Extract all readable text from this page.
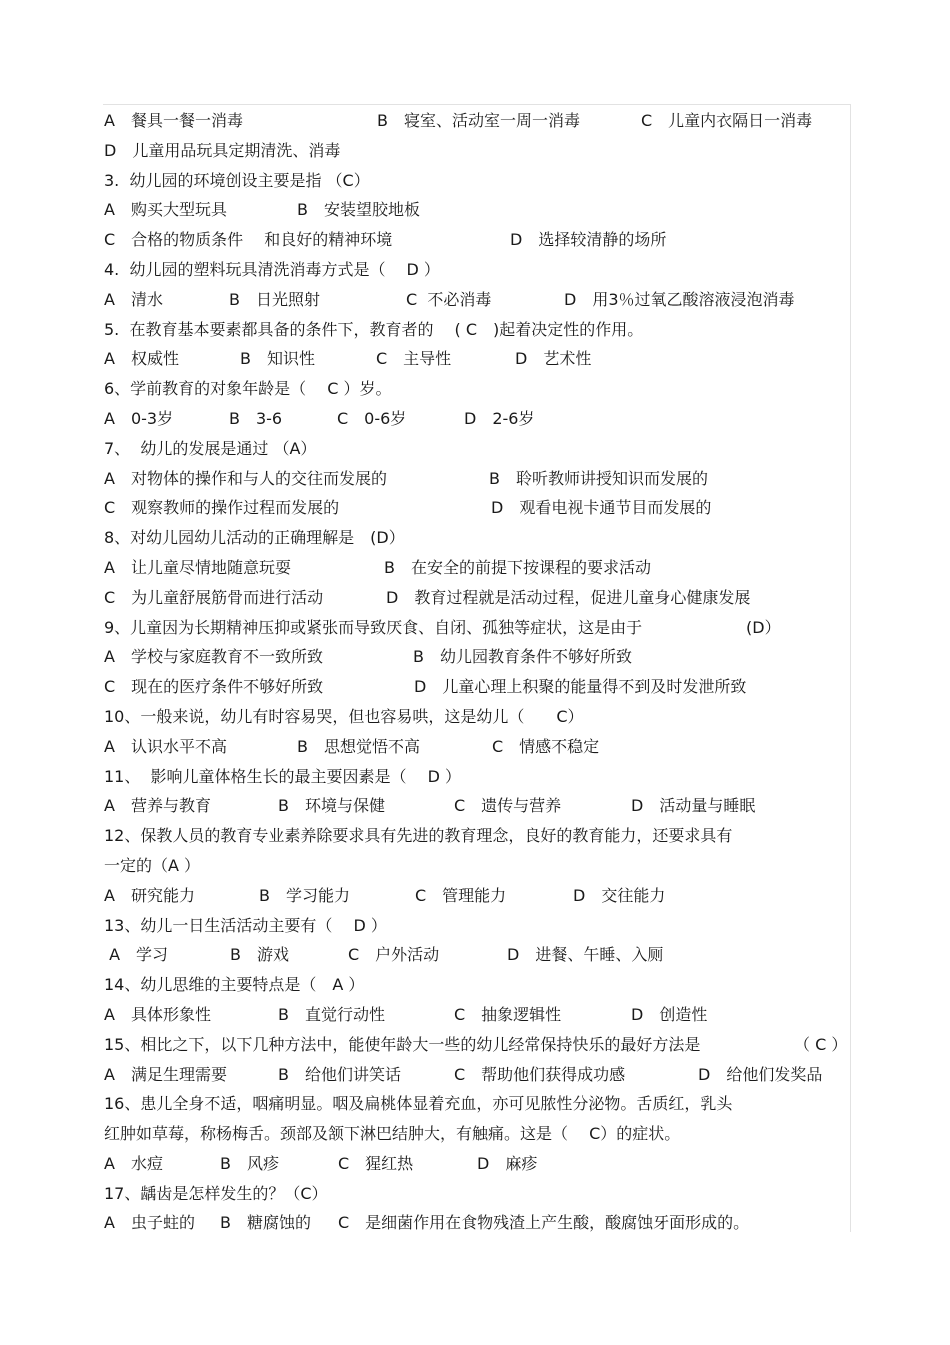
A　餐具一餐一消毒	B　寝室、活动室一周一消毒	C　儿童内衣隔日一消毒
D　儿童用品玩具定期清洗、消毒
3.  幼儿园的环境创设主要是指 （C）
A　购买大型玩具	B　安装望胶地板
C　合格的物质条件　 和良好的精神环境	D　选择较清静的场所
4.  幼儿园的塑料玩具清洗消毒方式是（　 D ）
A　清水	B　日光照射	C  不必消毒	D　用3％过氧乙酸溶液浸泡消毒
5.  在教育基本要素都具备的条件下，教育者的　 ( C　)起着决定性的作用。
A　权威性	B　知识性	C　主导性	D　艺术性
6、学前教育的对象年龄是（　 C ）岁。
A　0-3岁	B　3-6	C　0-6岁	D　2-6岁
7、  幼儿的发展是通过 （A）
A　对物体的操作和与人的交往而发展的	B　聆听教师讲授知识而发展的
C　观察教师的操作过程而发展的	D　观看电视卡通节目而发展的
8、对幼儿园幼儿活动的正确理解是　(D）
A　让儿童尽情地随意玩耍	B　在安全的前提下按课程的要求活动
C　为儿童舒展筋骨而进行活动	D　教育过程就是活动过程，促进儿童身心健康发展
9、儿童因为长期精神压抑或紧张而导致厌食、自闭、孤独等症状，这是由于	(D）
A　学校与家庭教育不一致所致	B　幼儿园教育条件不够好所致
C　现在的医疗条件不够好所致	D　儿童心理上积聚的能量得不到及时发泄所致
10、一般来说，幼儿有时容易哭，但也容易哄，这是幼儿（　　C）
A　认识水平不高	B　思想觉悟不高	C　情感不稳定
11、  影响儿童体格生长的最主要因素是（　 D ）
A　营养与教育	B　环境与保健	C　遗传与营养	D　活动量与睡眠
12、保教人员的教育专业素养除要求具有先进的教育理念，良好的教育能力，还要求具有
一定的（A ）
A　研究能力	B　学习能力	C　管理能力	D　交往能力
13、幼儿一日生活活动主要有（　 D ）
A　学习	B　游戏	C　户外活动	D　进餐、午睡、入厕
14、幼儿思维的主要特点是（　A ）
A　具体形象性	B　直觉行动性	C　抽象逻辑性	D　创造性
15、相比之下，以下几种方法中，能使年龄大一些的幼儿经常保持快乐的最好方法是	（ C ）
A　满足生理需要	B　给他们讲笑话	C　帮助他们获得成功感	D　给他们发奖品
16、患儿全身不适，咽痛明显。咽及扁桃体显着充血，亦可见脓性分泌物。舌质红，乳头
红肿如草莓，称杨梅舌。颈部及颔下淋巴结肿大，有触痛。这是（　 C）的症状。
A　水痘	B　风疹	C　猩红热	D　麻疹
17、龋齿是怎样发生的？（C）
A　虫子蛀的 B　糖腐蚀的 C　是细菌作用在食物残渣上产生酸，酸腐蚀牙面形成的。
